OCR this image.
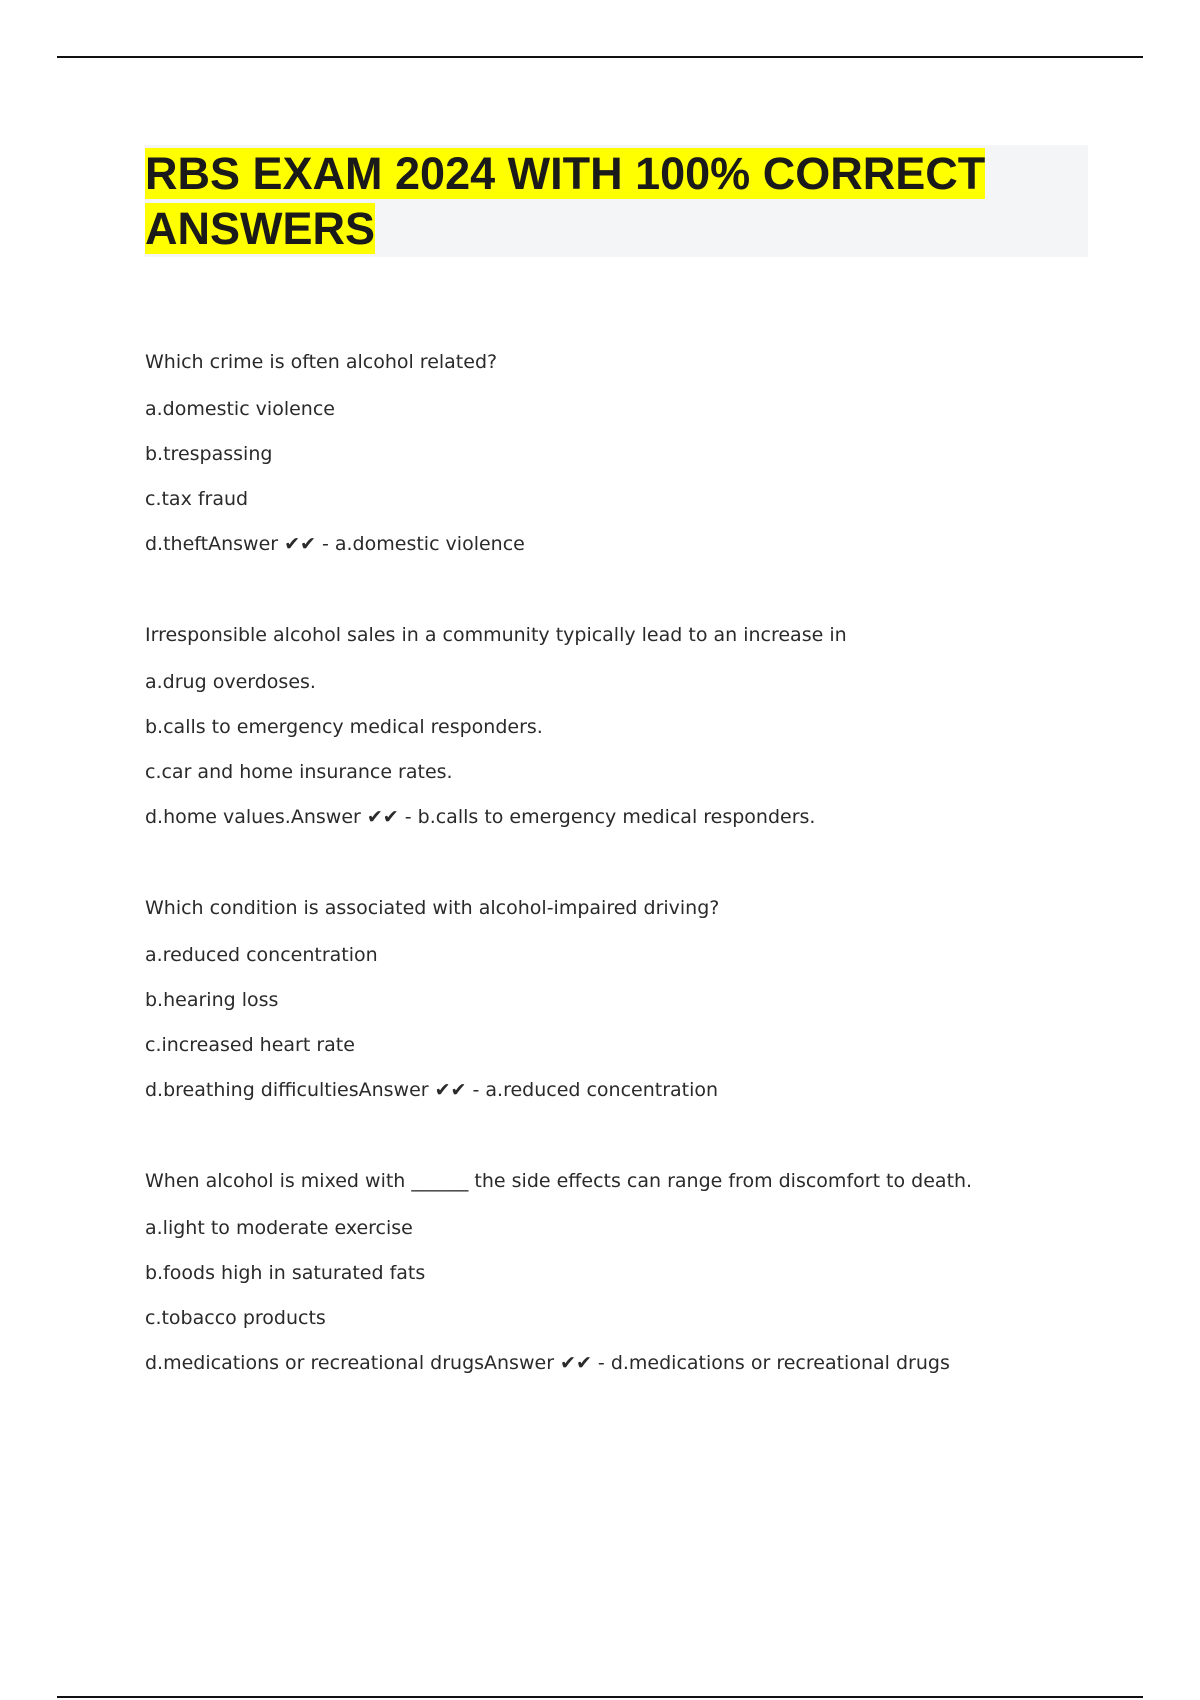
RBS EXAM 2024 WITH 100% CORRECT ANSWERS
Which crime is often alcohol related?
a.domestic violence
b.trespassing
c.tax fraud
d.theftAnswer ✔✔ - a.domestic violence
Irresponsible alcohol sales in a community typically lead to an increase in
a.drug overdoses.
b.calls to emergency medical responders.
c.car and home insurance rates.
d.home values.Answer ✔✔ - b.calls to emergency medical responders.
Which condition is associated with alcohol-impaired driving?
a.reduced concentration
b.hearing loss
c.increased heart rate
d.breathing difficultiesAnswer ✔✔ - a.reduced concentration
When alcohol is mixed with ______ the side effects can range from discomfort to death.
a.light to moderate exercise
b.foods high in saturated fats
c.tobacco products
d.medications or recreational drugsAnswer ✔✔ - d.medications or recreational drugs
